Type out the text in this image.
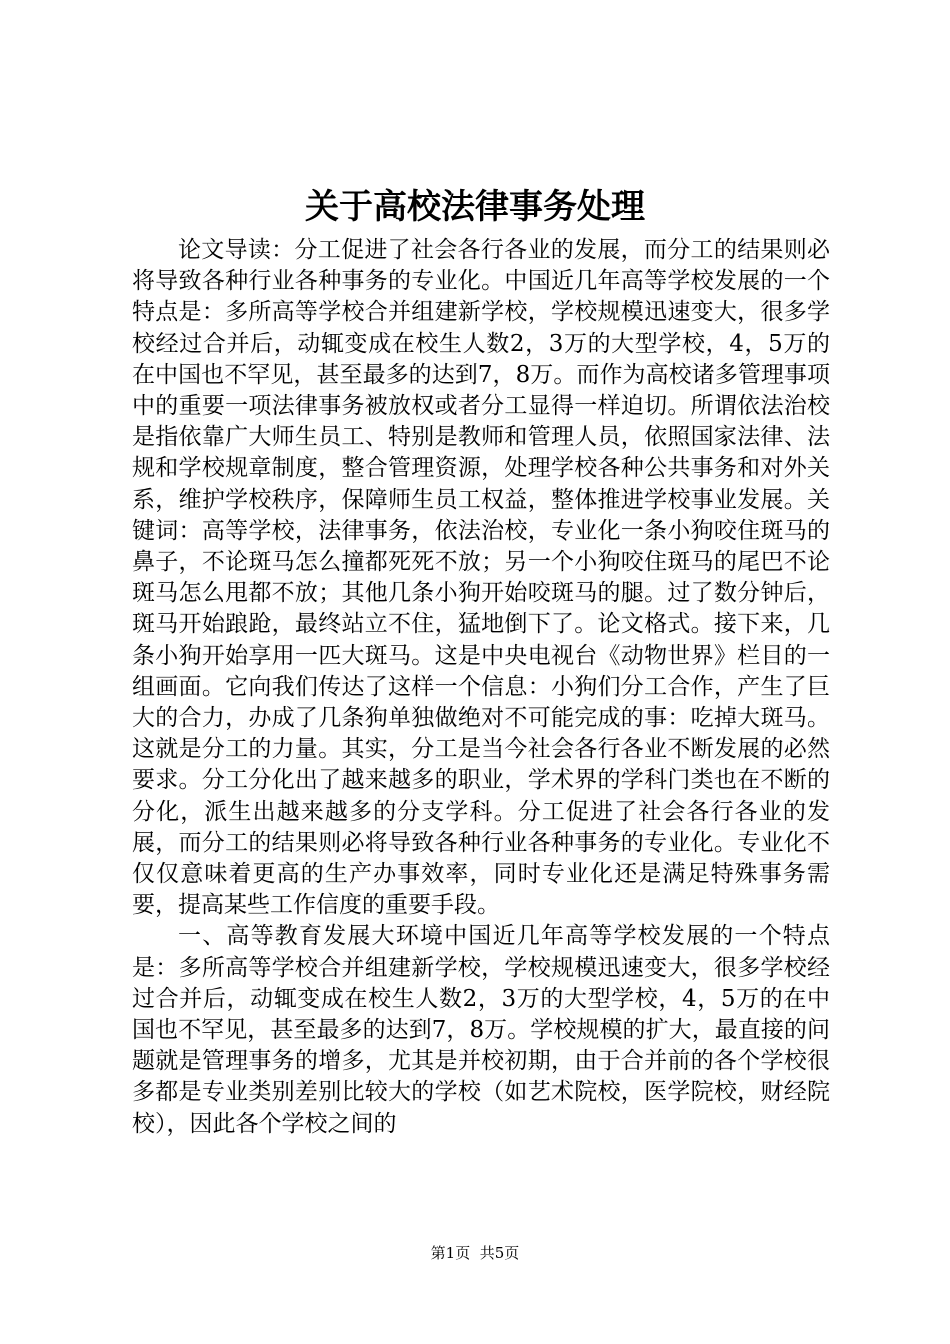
关于高校法律事务处理

论文导读：分工促进了社会各行各业的发展，而分工的结果则必将导致各种行业各种事务的专业化。中国近几年高等学校发展的一个特点是：多所高等学校合并组建新学校，学校规模迅速变大，很多学校经过合并后，动辄变成在校生人数2，3万的大型学校，4，5万的在中国也不罕见，甚至最多的达到7，8万。而作为高校诸多管理事项中的重要一项法律事务被放权或者分工显得一样迫切。所谓依法治校是指依靠广大师生员工、特别是教师和管理人员，依照国家法律、法规和学校规章制度，整合管理资源，处理学校各种公共事务和对外关系，维护学校秩序，保障师生员工权益，整体推进学校事业发展。关键词：高等学校，法律事务，依法治校，专业化一条小狗咬住斑马的鼻子，不论斑马怎么撞都死死不放；另一个小狗咬住斑马的尾巴不论斑马怎么甩都不放；其他几条小狗开始咬斑马的腿。过了数分钟后，斑马开始踉跄，最终站立不住，猛地倒下了。论文格式。接下来，几条小狗开始享用一匹大斑马。这是中央电视台《动物世界》栏目的一组画面。它向我们传达了这样一个信息：小狗们分工合作，产生了巨大的合力，办成了几条狗单独做绝对不可能完成的事：吃掉大斑马。这就是分工的力量。其实，分工是当今社会各行各业不断发展的必然要求。分工分化出了越来越多的职业，学术界的学科门类也在不断的分化，派生出越来越多的分支学科。分工促进了社会各行各业的发展，而分工的结果则必将导致各种行业各种事务的专业化。专业化不仅仅意味着更高的生产办事效率，同时专业化还是满足特殊事务需要，提高某些工作信度的重要手段。

一、高等教育发展大环境中国近几年高等学校发展的一个特点是：多所高等学校合并组建新学校，学校规模迅速变大，很多学校经过合并后，动辄变成在校生人数2，3万的大型学校，4，5万的在中国也不罕见，甚至最多的达到7，8万。学校规模的扩大，最直接的问题就是管理事务的增多，尤其是并校初期，由于合并前的各个学校很多都是专业类别差别比较大的学校（如艺术院校，医学院校，财经院校），因此各个学校之间的

第1页 共5页
